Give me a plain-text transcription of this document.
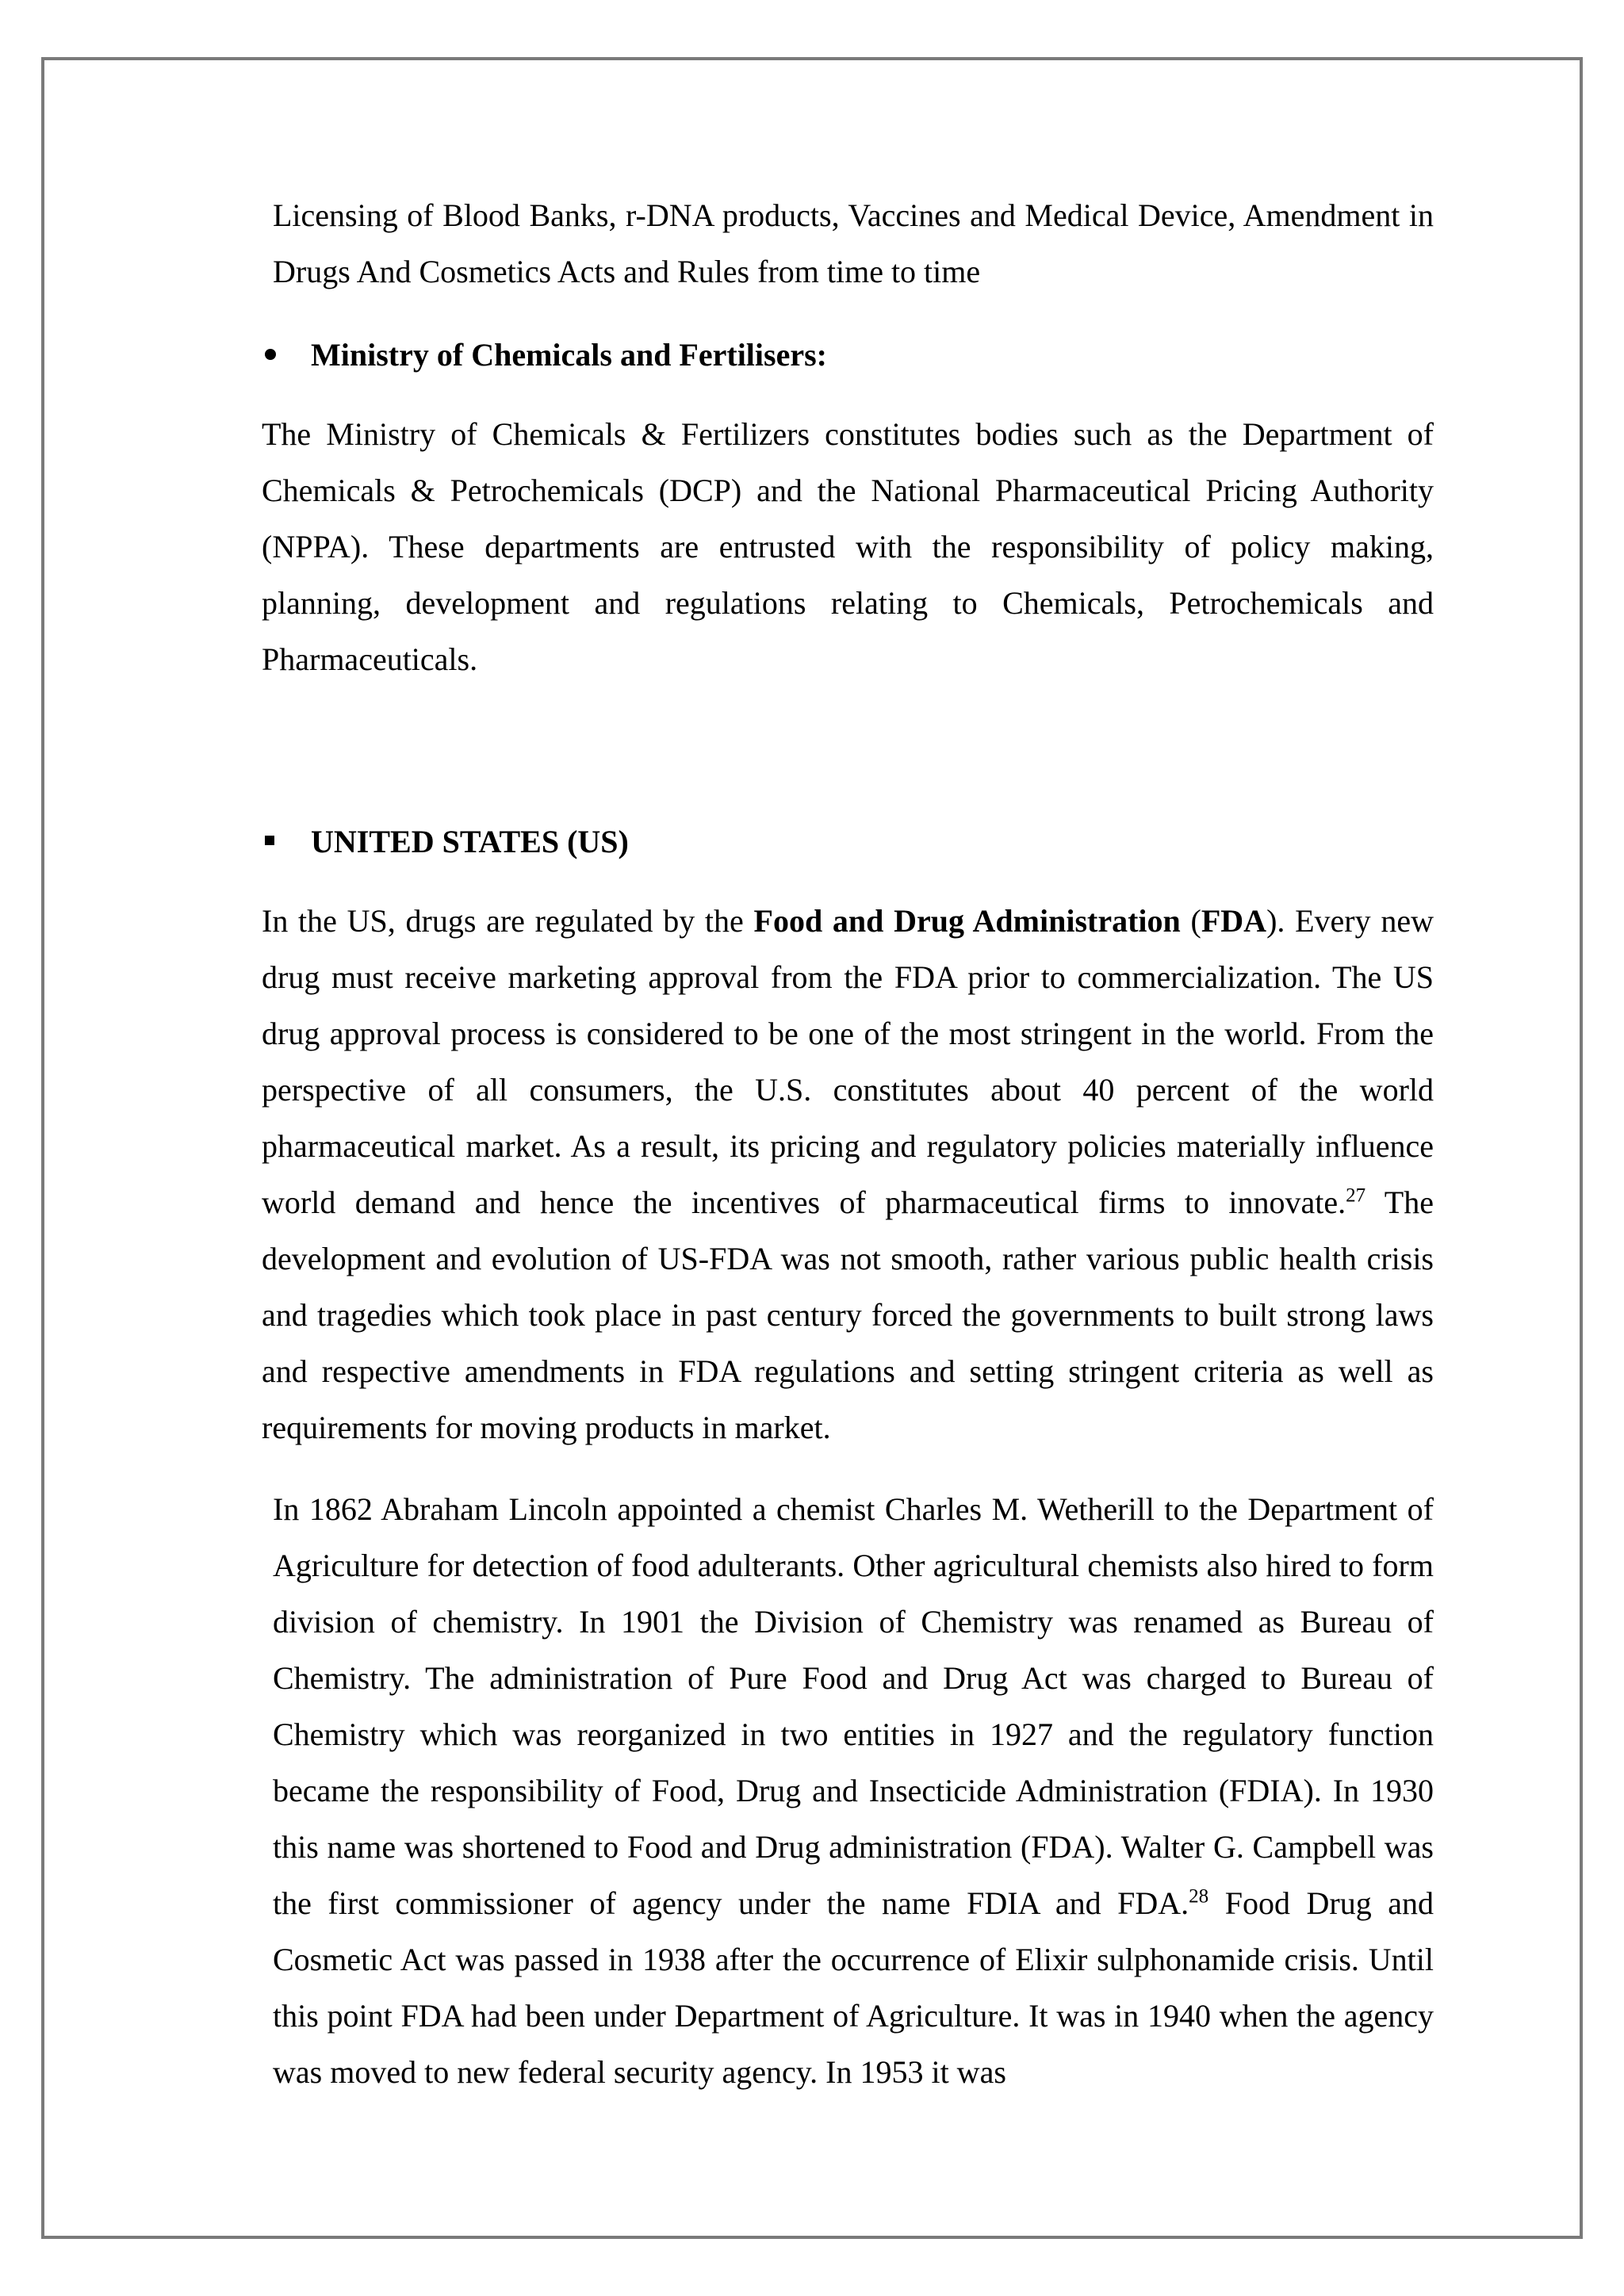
Licensing of Blood Banks, r-DNA products, Vaccines and Medical Device, Amendment in Drugs And Cosmetics Acts and Rules from time to time

Ministry of Chemicals and Fertilisers:

The Ministry of Chemicals & Fertilizers constitutes bodies such as the Department of Chemicals & Petrochemicals (DCP) and the National Pharmaceutical Pricing Authority (NPPA). These departments are entrusted with the responsibility of policy making, planning, development and regulations relating to Chemicals, Petrochemicals and Pharmaceuticals.

UNITED STATES (US)

In the US, drugs are regulated by the Food and Drug Administration (FDA). Every new drug must receive marketing approval from the FDA prior to commercialization. The US drug approval process is considered to be one of the most stringent in the world. From the perspective of all consumers, the U.S. constitutes about 40 percent of the world pharmaceutical market. As a result, its pricing and regulatory policies materially influence world demand and hence the incentives of pharmaceutical firms to innovate.$^{27}$ The development and evolution of US-FDA was not smooth, rather various public health crisis and tragedies which took place in past century forced the governments to built strong laws and respective amendments in FDA regulations and setting stringent criteria as well as requirements for moving products in market.

In 1862 Abraham Lincoln appointed a chemist Charles M. Wetherill to the Department of Agriculture for detection of food adulterants. Other agricultural chemists also hired to form division of chemistry. In 1901 the Division of Chemistry was renamed as Bureau of Chemistry. The administration of Pure Food and Drug Act was charged to Bureau of Chemistry which was reorganized in two entities in 1927 and the regulatory function became the responsibility of Food, Drug and Insecticide Administration (FDIA). In 1930 this name was shortened to Food and Drug administration (FDA). Walter G. Campbell was the first commissioner of agency under the name FDIA and FDA.$^{28}$ Food Drug and Cosmetic Act was passed in 1938 after the occurrence of Elixir sulphonamide crisis. Until this point FDA had been under Department of Agriculture. It was in 1940 when the agency was moved to new federal security agency. In 1953 it was
